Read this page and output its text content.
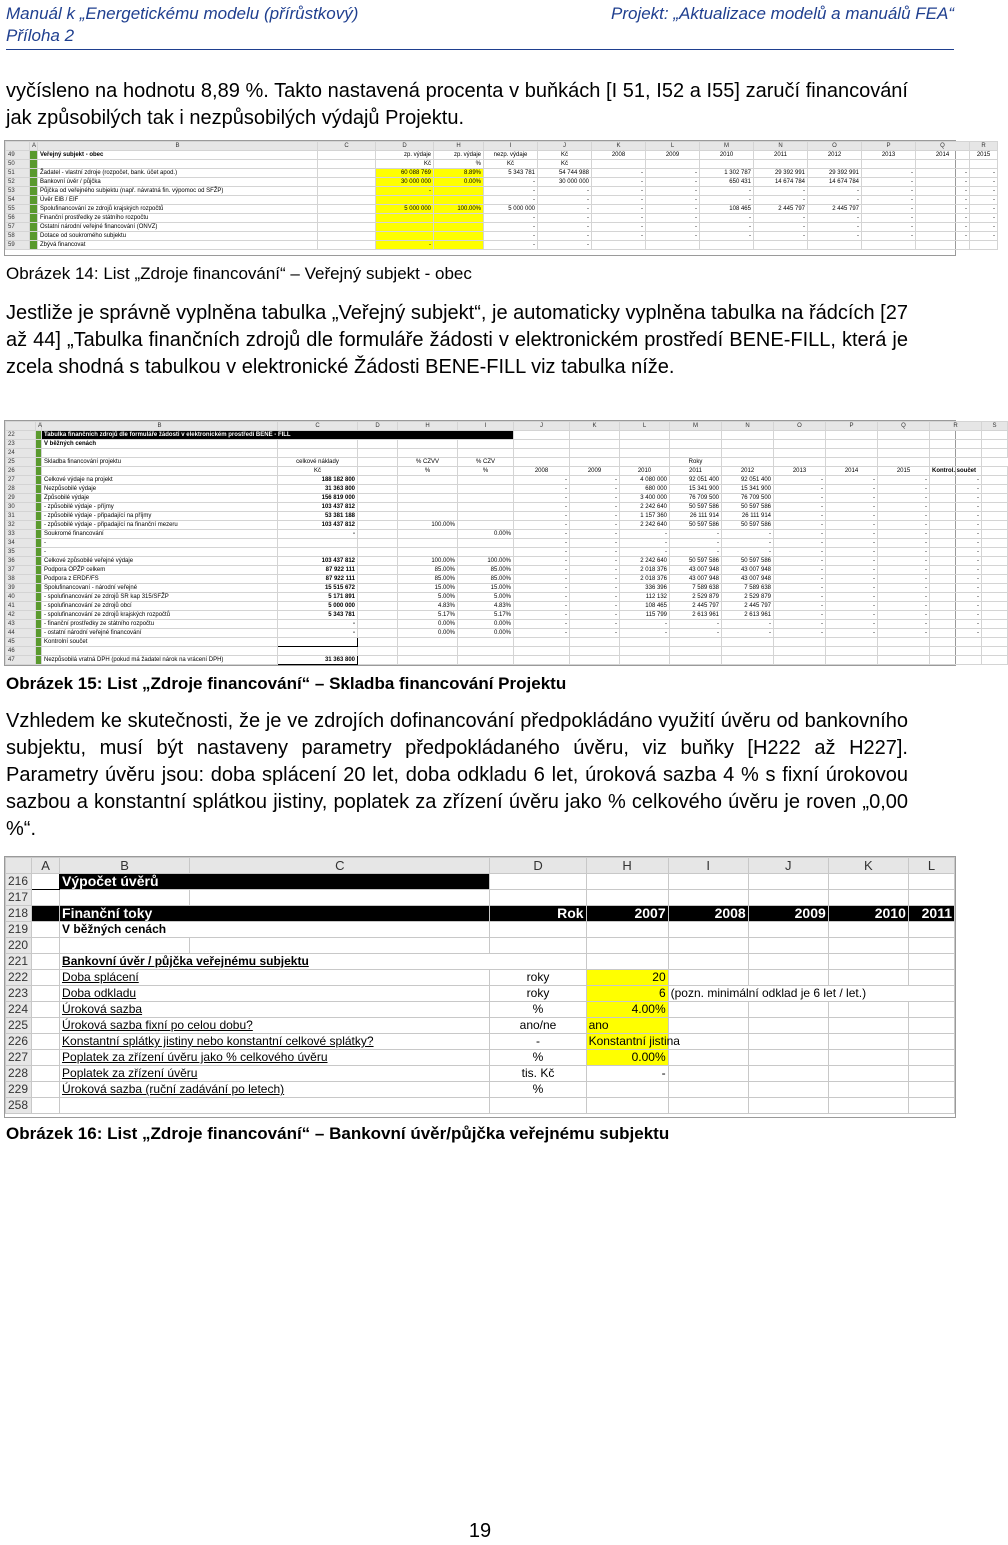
Manuál k „Energetickému modelu (přírůstkový)
Příloha 2
Projekt: „Aktualizace modelů a manuálů FEA“
vyčísleno na hodnotu 8,89 %. Takto nastavená procenta v buňkách [I 51, I52 a I55] zaručí financování jak způsobilých tak i nezpůsobilých výdajů Projektu.
	A	B	C	D	H	I	J	K	L	M	N	O	P	Q	R	
49		Veřejný subjekt - obec		zp. výdaje	zp. výdaje	nezp. výdaje	Kč	2008	2009	2010	2011	2012	2013	2014	2015	
50				Kč	%	Kč	Kč									
51		Žadatel - vlastní zdroje (rozpočet, bank. účet apod.)		60 088 769	8.89%	5 343 781	54 744 988	-	-	1 302 787	29 392 991	29 392 991	-	-	-	
52		Bankovní úvěr / půjčka		30 000 000	0.00%	-	30 000 000	-	-	650 431	14 674 784	14 674 784	-	-	-	
53		Půjčka od veřejného subjektu (např. návratná fin. výpomoc od SFŽP)		-		-	-	-	-	-	-	-	-	-	-	
54		Úvěr EIB / EIF				-	-	-	-	-	-	-	-	-	-	
55		Spolufinancování ze zdrojů krajských rozpočtů		5 000 000	100.00%	5 000 000	-	-	-	108 465	2 445 797	2 445 797	-	-	-	
56		Finanční prostředky ze státního rozpočtu				-	-	-	-	-	-	-	-	-	-	
57		Ostatní národní veřejné financování (ONVZ)				-	-	-	-	-	-	-	-	-	-	
58		Dotace od soukromého subjektu				-	-	-	-	-	-	-	-	-	-	
59		Zbývá financovat		-		-	-									
Obrázek 14: List „Zdroje financování“ – Veřejný subjekt - obec
Jestliže je správně vyplněna tabulka „Veřejný subjekt“, je automaticky vyplněna tabulka na řádcích [27 až 44] „Tabulka finančních zdrojů dle formuláře žádosti v elektronickém prostředí BENE-FILL, která je zcela shodná s tabulkou v elektronické Žádosti BENE-FILL viz tabulka níže.
	A	B	C	D	H	I	J	K	L	M	N	O	P	Q	R	S
22		Tabulka finančních zdrojů dle formuláře žádosti v elektronickém prostředí BENE - FILL														
23		V běžných cenách														
24																
25		Skladba financování projektu	celkové náklady		% CZVV	% CZV				Roky						
26			Kč		%	%	2008	2009	2010	2011	2012	2013	2014	2015	Kontrol. součet	
27		Celkové výdaje na projekt	188 182 800				-	-	4 080 000	92 051 400	92 051 400	-	-	-	-	
28		Nezpůsobilé výdaje	31 363 800				-	-	680 000	15 341 900	15 341 900	-	-	-	-	
29		Způsobilé výdaje	156 819 000				-	-	3 400 000	76 709 500	76 709 500	-	-	-	-	
30		- způsobilé výdaje - příjmy	103 437 812				-	-	2 242 640	50 597 586	50 597 586	-	-	-	-	
31		- způsobilé výdaje - připadající na příjmy	53 381 188				-	-	1 157 360	26 111 914	26 111 914	-	-	-	-	
32		- způsobilé výdaje - připadající na finanční mezeru	103 437 812		100.00%		-	-	2 242 640	50 597 586	50 597 586	-	-	-	-	
33		Soukromé financování	-			0.00%	-	-	-	-	-	-	-	-	-	
34		-					-	-	-	-	-	-	-	-	-	
35		-					-	-	-	-	-	-	-	-	-	
36		Celkové způsobilé veřejné výdaje	103 437 812		100.00%	100.00%	-	-	2 242 640	50 597 586	50 597 586	-	-	-	-	
37		Podpora OPŽP celkem	87 922 111		85.00%	85.00%	-	-	2 018 376	43 007 948	43 007 948	-	-	-	-	
38		Podpora z ERDF/FS	87 922 111		85.00%	85.00%	-	-	2 018 376	43 007 948	43 007 948	-	-	-	-	
39		Spolufinancovaní - národní veřejné	15 515 672		15.00%	15.00%	-	-	336 396	7 589 638	7 589 638	-	-	-	-	
40		- spolufinancování ze zdrojů SR kap 315/SFŽP	5 171 891		5.00%	5.00%	-	-	112 132	2 529 879	2 529 879	-	-	-	-	
41		- spolufinancování ze zdrojů obcí	5 000 000		4.83%	4.83%	-	-	108 465	2 445 797	2 445 797	-	-	-	-	
42		- spolufinancování ze zdrojů krajských rozpočtů	5 343 781		5.17%	5.17%	-	-	115 799	2 613 961	2 613 961	-	-	-	-	
43		- finanční prostředky ze státního rozpočtu	-		0.00%	0.00%	-	-	-	-	-	-	-	-	-	
44		- ostatní národní veřejné financování	-		0.00%	0.00%	-	-	-	-	-	-	-	-	-	
45		Kontrolní součet														
46																
47		Nezpůsobilá vratná DPH (pokud má žadatel nárok na vrácení DPH)	31 363 800													
Obrázek 15: List „Zdroje financování“ – Skladba financování Projektu
Vzhledem ke skutečnosti, že je ve zdrojích dofinancování předpokládáno využití úvěru od bankovního subjektu, musí být nastaveny parametry předpokládaného úvěru, viz buňky [H222 až H227]. Parametry úvěru jsou: doba splácení 20 let, doba odkladu 6 let, úroková sazba 4 % s fixní úrokovou sazbou a konstantní splátkou jistiny, poplatek za zřízení úvěru jako % celkového úvěru je roven „0,00 %“.
	A	B	C	D	H	I	J	K	L
216		Výpočet úvěrů							
217									
218		Finanční toky		Rok	2007	2008	2009	2010	2011
219		V běžných cenách							
220									
221		Bankovní úvěr / půjčka veřejnému subjektu							
222		Doba splácení		roky	20				
223		Doba odkladu		roky	6	(pozn. minimální odklad je 6 let / let.)			
224		Úroková sazba		%	4.00%				
225		Úroková sazba fixní po celou dobu?		ano/ne	ano				
226		Konstantní splátky jistiny nebo konstantní celkové splátky?		-	Konstantní jistina				
227		Poplatek za zřízení úvěru jako % celkového úvěru		%	0.00%				
228		Poplatek za zřízení úvěru		tis. Kč	-				
229		Úroková sazba (ruční zadávání po letech)		%					
258									
Obrázek 16: List „Zdroje financování“ – Bankovní úvěr/půjčka veřejnému subjektu
19
